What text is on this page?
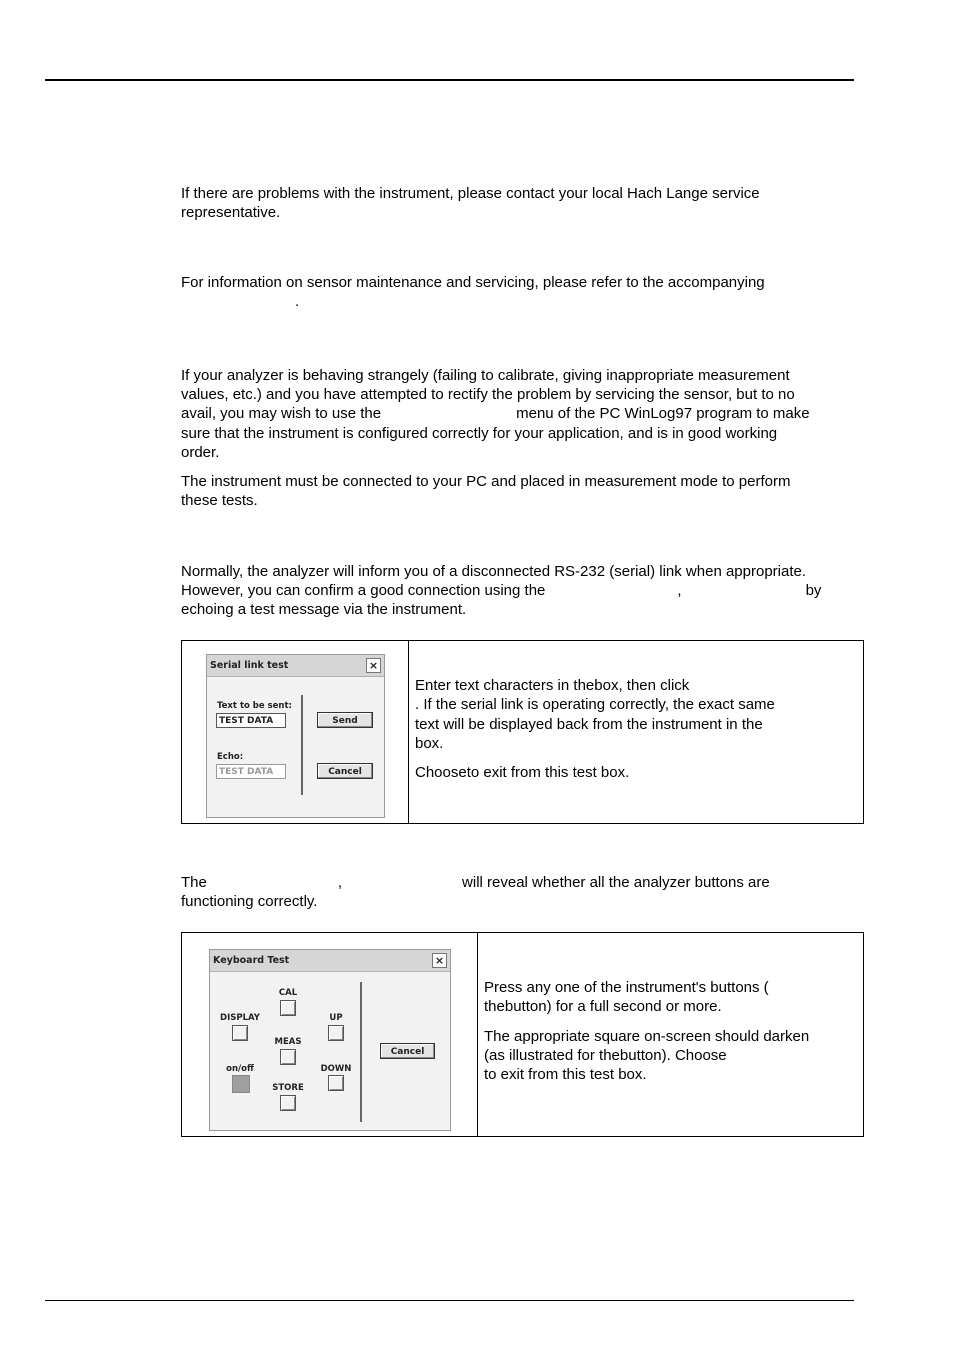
If there are problems with the instrument, please contact your local Hach Lange service
representative.

For information on sensor maintenance and servicing, please refer to the accompanying
.

If your analyzer is behaving strangely (failing to calibrate, giving inappropriate measurement
values, etc.) and you have attempted to rectify the problem by servicing the sensor, but to no
avail, you may wish to use the	menu of the PC WinLog97 program to make
sure that the instrument is configured correctly for your application, and is in good working
order.

The instrument must be connected to your PC and placed in measurement mode to perform
these tests.

Normally, the analyzer will inform you of a disconnected RS-232 (serial) link when appropriate.
However, you can confirm a good connection using the	,	by
echoing a test message via the instrument.

Serial link test	×
Text to be sent:
TEST DATA
Echo:
TEST DATA
Send
Cancel

Enter text characters in thebox, then click
. If the serial link is operating correctly, the exact same
text will be displayed back from the instrument in the
box.

Chooseto exit from this test box.

The	,	will reveal whether all the analyzer buttons are
functioning correctly.

Keyboard Test	×
CAL
DISPLAY	UP
MEAS
on/off	DOWN
STORE
Cancel

Press any one of the instrument's buttons (
thebutton) for a full second or more.

The appropriate square on-screen should darken
(as illustrated for thebutton). Choose
to exit from this test box.
